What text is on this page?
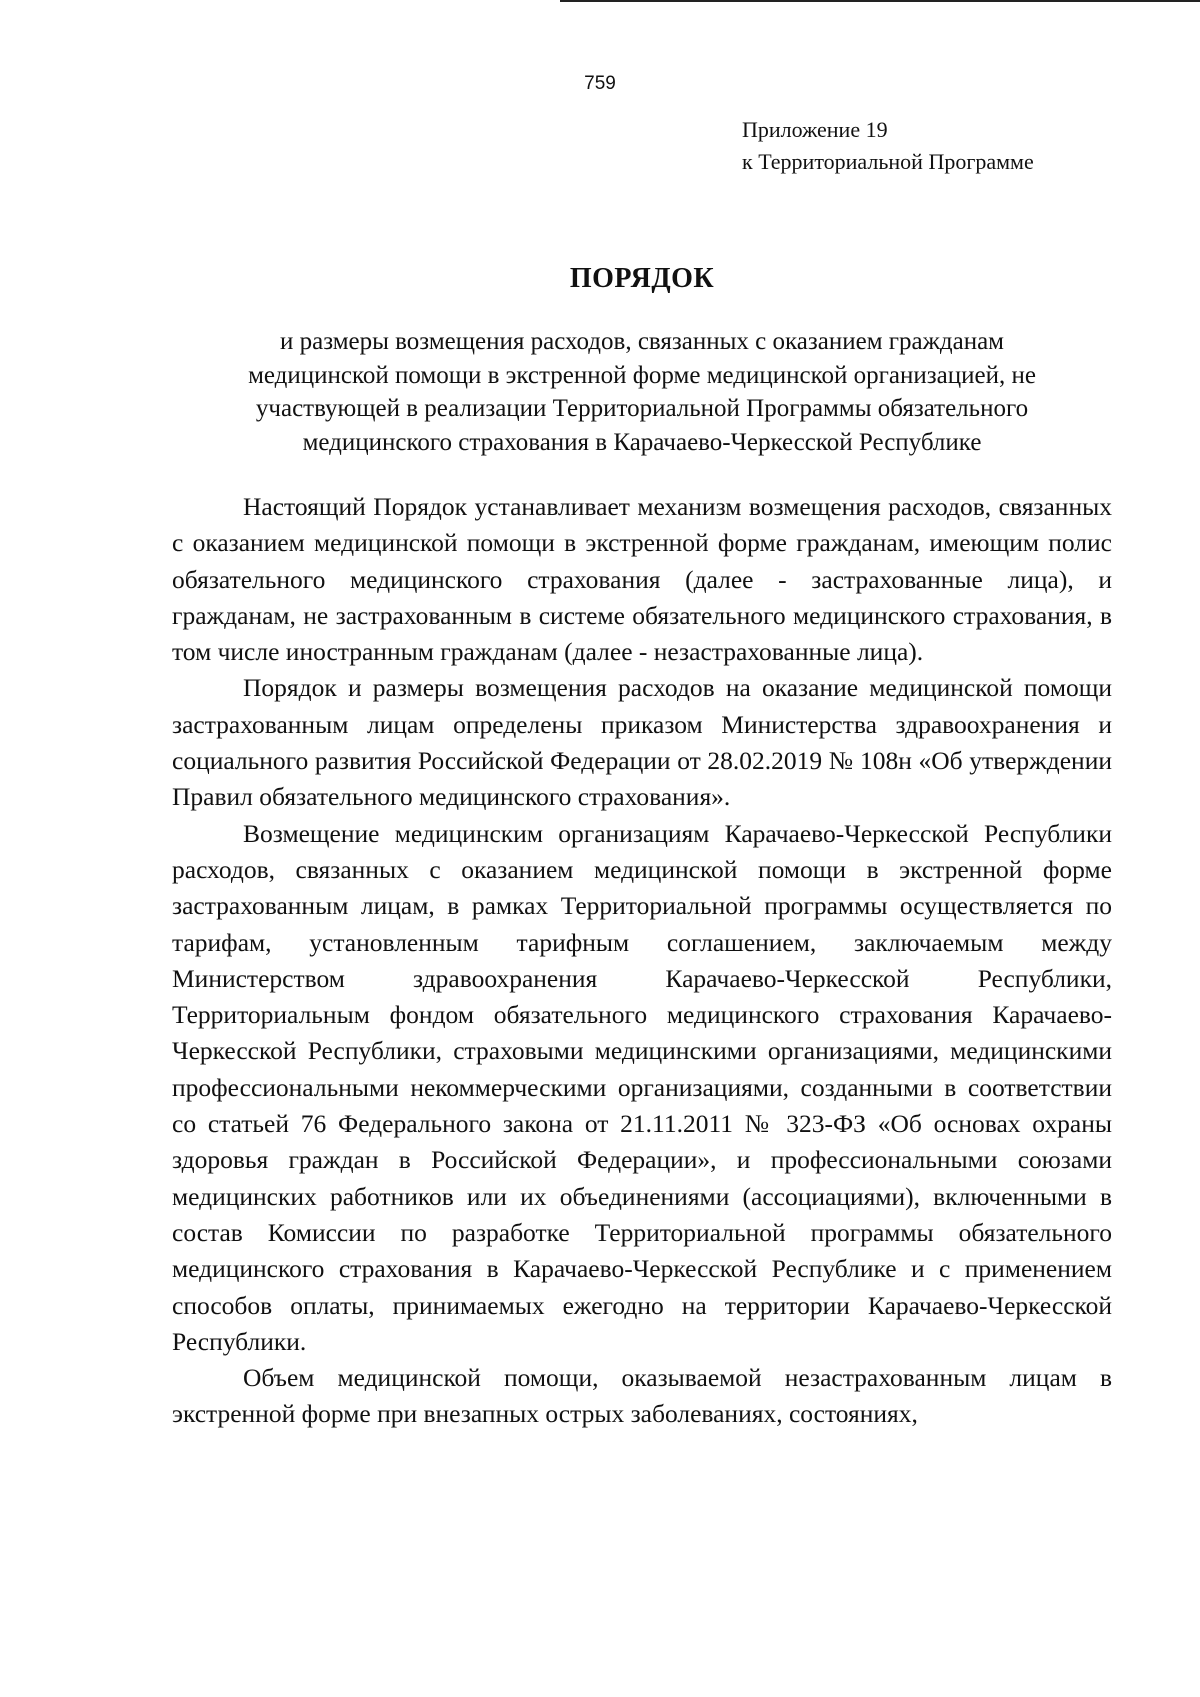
759
Приложение 19
к Территориальной Программе
ПОРЯДОК
и размеры возмещения расходов, связанных с оказанием гражданам
медицинской помощи в экстренной форме медицинской организацией, не
участвующей в реализации Территориальной Программы обязательного
медицинского страхования в Карачаево-Черкесской Республике

Настоящий Порядок устанавливает механизм возмещения расходов, связанных с оказанием медицинской помощи в экстренной форме гражданам, имеющим полис обязательного медицинского страхования (далее - застрахованные лица), и гражданам, не застрахованным в системе обязательного медицинского страхования, в том числе иностранным гражданам (далее - незастрахованные лица).

Порядок и размеры возмещения расходов на оказание медицинской помощи застрахованным лицам определены приказом Министерства здравоохранения и социального развития Российской Федерации от 28.02.2019 № 108н «Об утверждении Правил обязательного медицинского страхования».

Возмещение медицинским организациям Карачаево-Черкесской Республики расходов, связанных с оказанием медицинской помощи в экстренной форме застрахованным лицам, в рамках Территориальной программы осуществляется по тарифам, установленным тарифным соглашением, заключаемым между Министерством здравоохранения Карачаево-Черкесской Республики, Территориальным фондом обязательного медицинского страхования Карачаево-Черкесской Республики, страховыми медицинскими организациями, медицинскими профессиональными некоммерческими организациями, созданными в соответствии со статьей 76 Федерального закона от 21.11.2011 № 323-ФЗ «Об основах охраны здоровья граждан в Российской Федерации», и профессиональными союзами медицинских работников или их объединениями (ассоциациями), включенными в состав Комиссии по разработке Территориальной программы обязательного медицинского страхования в Карачаево-Черкесской Республике и с применением способов оплаты, принимаемых ежегодно на территории Карачаево-Черкесской Республики.

Объем медицинской помощи, оказываемой незастрахованным лицам в экстренной форме при внезапных острых заболеваниях, состояниях,
